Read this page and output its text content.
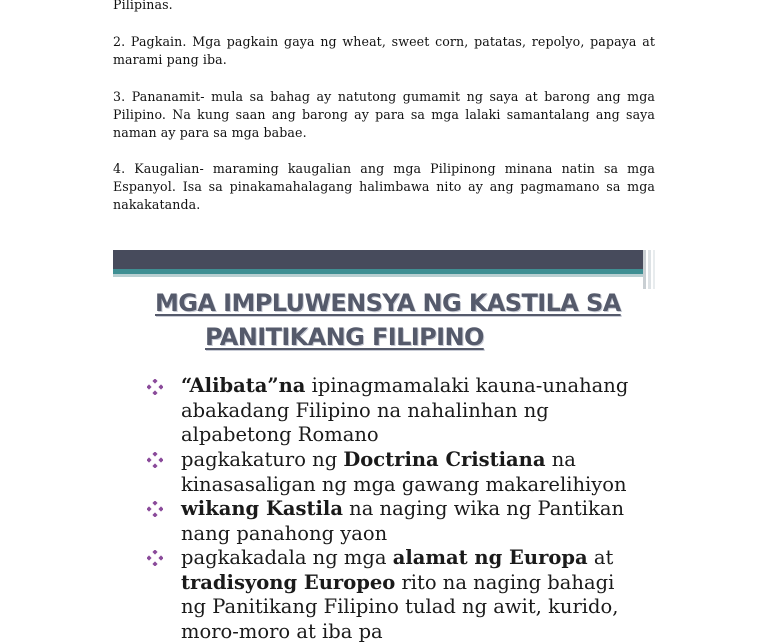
Pilipinas.

2. Pagkain. Mga pagkain gaya ng wheat, sweet corn, patatas, repolyo, papaya at marami pang iba.

3. Pananamit- mula sa bahag ay natutong gumamit ng saya at barong ang mga Pilipino. Na kung saan ang barong ay para sa mga lalaki samantalang ang saya naman ay para sa mga babae.

4. Kaugalian- maraming kaugalian ang mga Pilipinong minana natin sa mga Espanyol. Isa sa pinakamahalagang halimbawa nito ay ang pagmamano sa mga nakakatanda.

MGA IMPLUWENSYA NG KASTILA SA
PANITIKANG FILIPINO
“Alibata”na ipinagmamalaki kauna-unahang
abakadang Filipino na nahalinhan ng
alpabetong Romano
pagkakaturo ng Doctrina Cristiana na
kinasasaligan ng mga gawang makarelihiyon
wikang Kastila na naging wika ng Pantikan
nang panahong yaon
pagkakadala ng mga alamat ng Europa at
tradisyong Europeo rito na naging bahagi
ng Panitikang Filipino tulad ng awit, kurido,
moro-moro at iba pa
